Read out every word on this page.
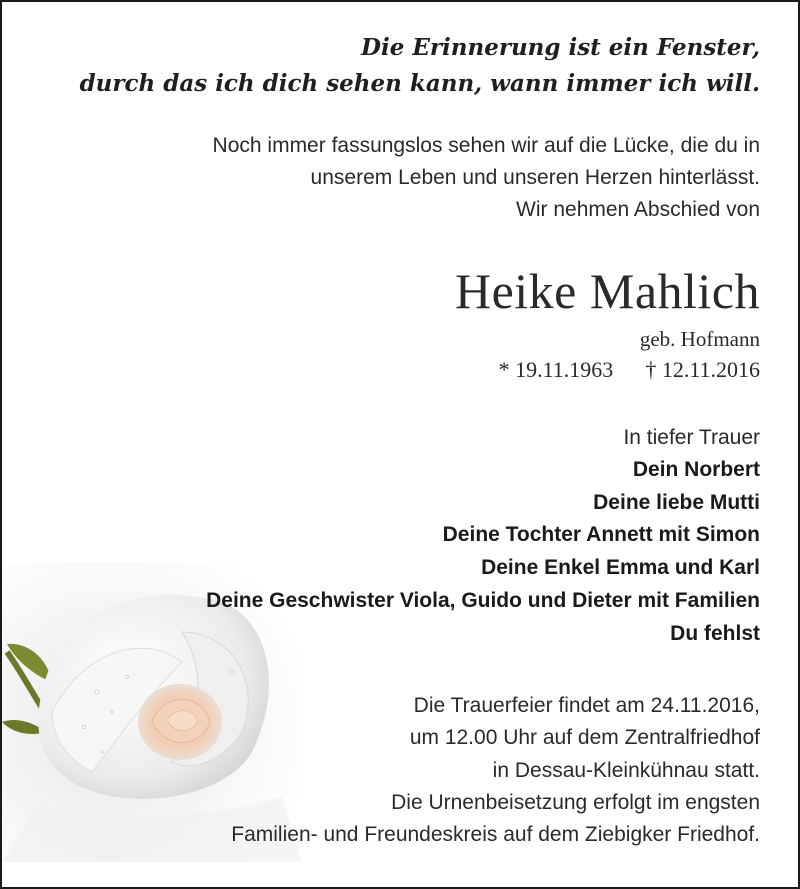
Die Erinnerung ist ein Fenster,
durch das ich dich sehen kann, wann immer ich will.
Noch immer fassungslos sehen wir auf die Lücke, die du in
unserem Leben und unseren Herzen hinterlässt.
Wir nehmen Abschied von
Heike Mahlich
geb. Hofmann
* 19.11.1963 † 12.11.2016
In tiefer Trauer
Dein Norbert
Deine liebe Mutti
Deine Tochter Annett mit Simon
Deine Enkel Emma und Karl
Deine Geschwister Viola, Guido und Dieter mit Familien
Du fehlst
Die Trauerfeier findet am 24.11.2016,
um 12.00 Uhr auf dem Zentralfriedhof
in Dessau-Kleinkühnau statt.
Die Urnenbeisetzung erfolgt im engsten
Familien- und Freundeskreis auf dem Ziebigker Friedhof.
